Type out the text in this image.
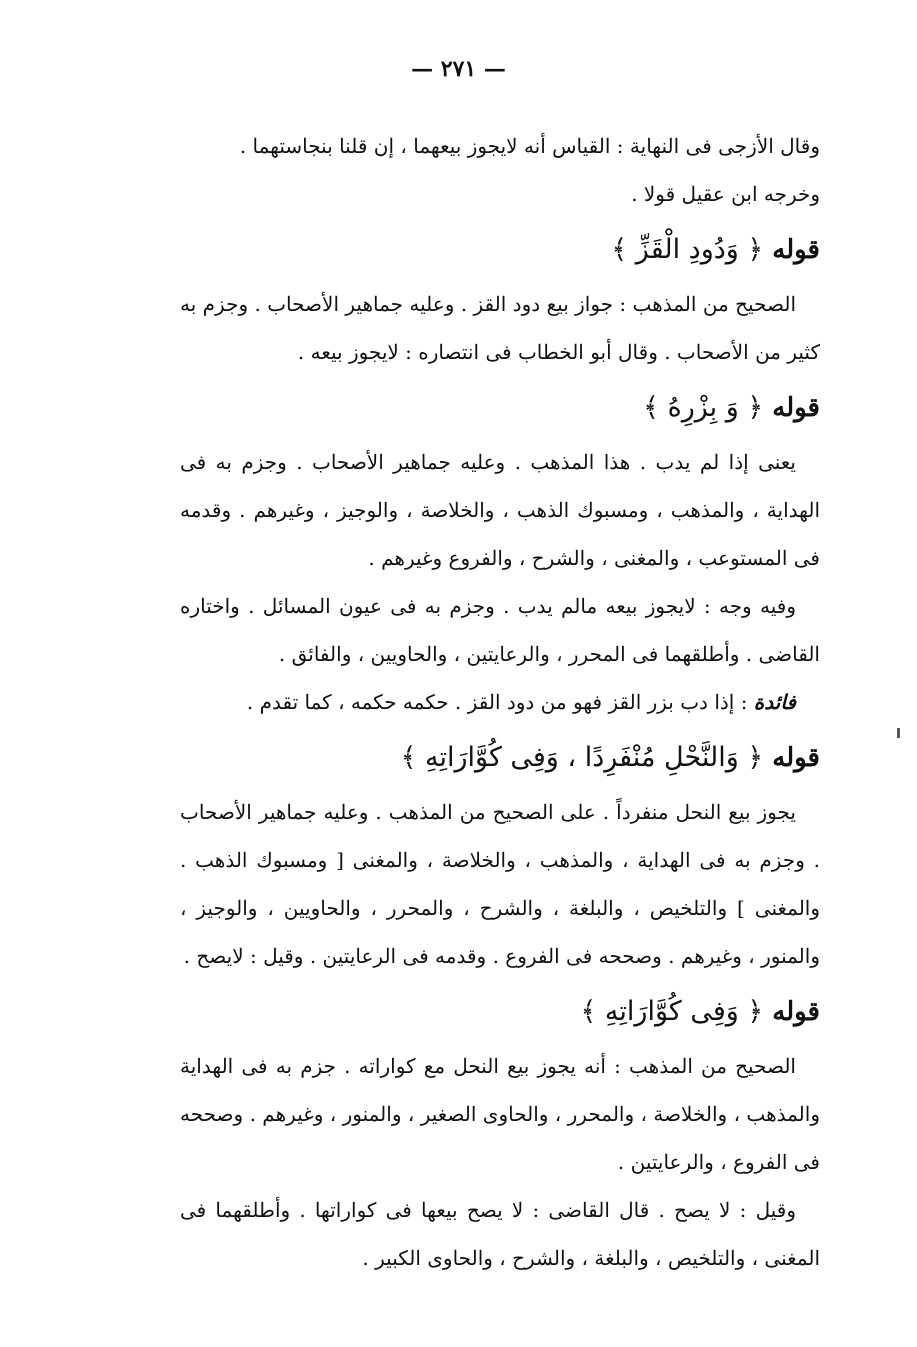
— ٢٧١ —

وقال الأزجى فى النهاية : القياس أنه لايجوز بيعهما ، إن قلنا بنجاستهما .

وخرجه ابن عقيل قولا .

قوله ﴿ وَدُودِ الْقَزِّ ﴾

الصحيح من المذهب : جواز بيع دود القز . وعليه جماهير الأصحاب . وجزم به كثير من الأصحاب . وقال أبو الخطاب فى انتصاره : لايجوز بيعه .

قوله ﴿ وَ بِزْرِهُ ﴾

يعنى إذا لم يدب . هذا المذهب . وعليه جماهير الأصحاب . وجزم به فى الهداية ، والمذهب ، ومسبوك الذهب ، والخلاصة ، والوجيز ، وغيرهم . وقدمه فى المستوعب ، والمغنى ، والشرح ، والفروع وغيرهم .

وفيه وجه : لايجوز بيعه مالم يدب . وجزم به فى عيون المسائل . واختاره القاضى . وأطلقهما فى المحرر ، والرعايتين ، والحاويين ، والفائق .

فائدة : إذا دب بزر القز فهو من دود القز . حكمه حكمه ، كما تقدم .

قوله ﴿ وَالنَّحْلِ مُنْفَرِدًا ، وَفِى كُوَّارَاتِهِ ﴾

يجوز بيع النحل منفرداً . على الصحيح من المذهب . وعليه جماهير الأصحاب . وجزم به فى الهداية ، والمذهب ، والخلاصة ، والمغنى [ ومسبوك الذهب . والمغنى ] والتلخيص ، والبلغة ، والشرح ، والمحرر ، والحاويين ، والوجيز ، والمنور ، وغيرهم . وصححه فى الفروع . وقدمه فى الرعايتين . وقيل : لايصح .

قوله ﴿ وَفِى كُوَّارَاتِهِ ﴾

الصحيح من المذهب : أنه يجوز بيع النحل مع كواراته . جزم به فى الهداية والمذهب ، والخلاصة ، والمحرر ، والحاوى الصغير ، والمنور ، وغيرهم . وصححه فى الفروع ، والرعايتين .

وقيل : لا يصح . قال القاضى : لا يصح بيعها فى كواراتها . وأطلقهما فى المغنى ، والتلخيص ، والبلغة ، والشرح ، والحاوى الكبير .
